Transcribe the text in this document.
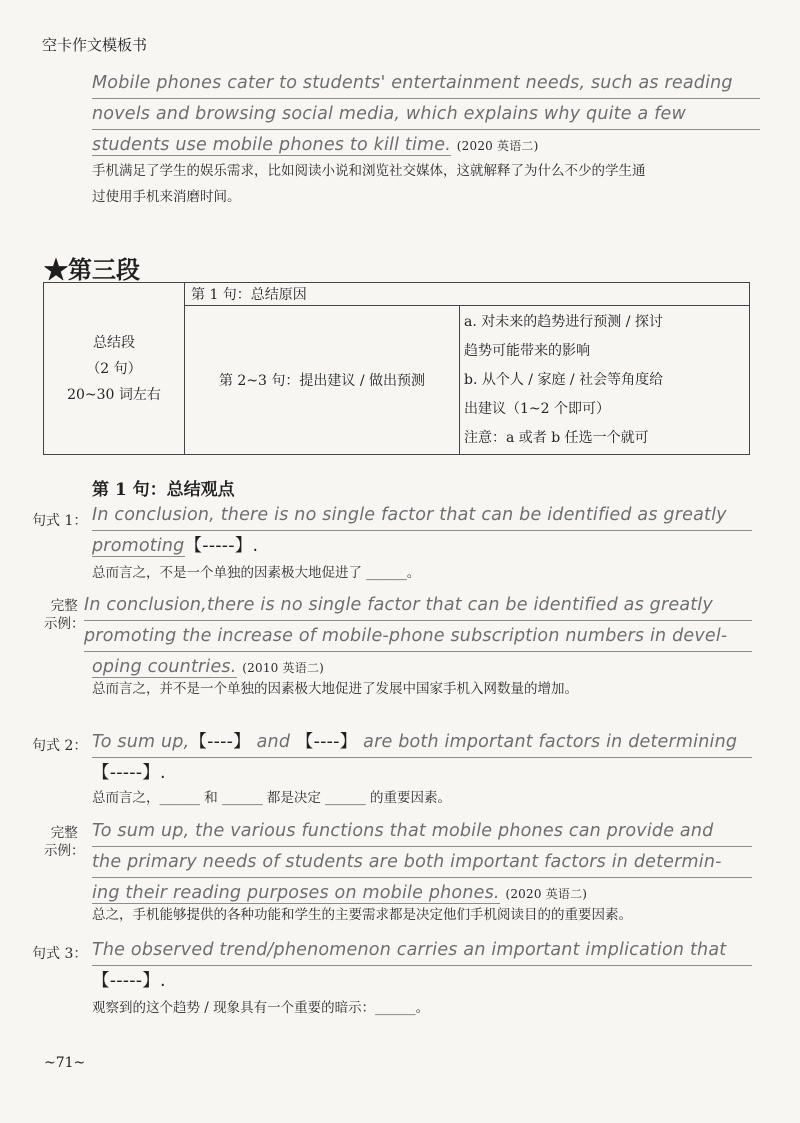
空卡作文模板书
Mobile phones cater to students' entertainment needs, such as reading
novels and browsing social media, which explains why quite a few
students use mobile phones to kill time. (2020 英语二)
手机满足了学生的娱乐需求，比如阅读小说和浏览社交媒体，这就解释了为什么不少的学生通
过使用手机来消磨时间。
★第三段
总结段
（2 句）
20~30 词左右	第 1 句：总结原因	
	第 2~3 句：提出建议 / 做出预测	a. 对未来的趋势进行预测 / 探讨
趋势可能带来的影响
b. 从个人 / 家庭 / 社会等角度给
出建议（1~2 个即可）
注意：a 或者 b 任选一个就可
第 1 句：总结观点
句式 1： In conclusion, there is no single factor that can be identified as greatly
promoting【-----】.
总而言之，不是一个单独的因素极大地促进了 ______。
完整
示例：
In conclusion,there is no single factor that can be identified as greatly
promoting the increase of mobile-phone subscription numbers in devel-
oping countries. (2010 英语二)
总而言之，并不是一个单独的因素极大地促进了发展中国家手机入网数量的增加。
句式 2： To sum up,【----】 and 【----】 are both important factors in determining
【-----】.
总而言之，______ 和 ______ 都是决定 ______ 的重要因素。
完整
示例：
To sum up, the various functions that mobile phones can provide and
the primary needs of students are both important factors in determin-
ing their reading purposes on mobile phones. (2020 英语二)
总之，手机能够提供的各种功能和学生的主要需求都是决定他们手机阅读目的的重要因素。
句式 3： The observed trend/phenomenon carries an important implication that
【-----】.
观察到的这个趋势 / 现象具有一个重要的暗示：______。
~71~
